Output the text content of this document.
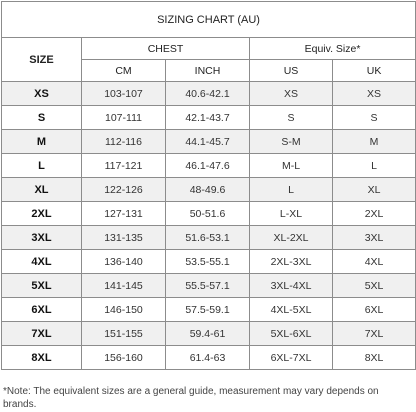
SIZING CHART (AU)				
SIZE	CHEST		Equiv. Size*	
	CM	INCH	US	UK
XS	103-107	40.6-42.1	XS	XS
S	107-111	42.1-43.7	S	S
M	112-116	44.1-45.7	S-M	M
L	117-121	46.1-47.6	M-L	L
XL	122-126	48-49.6	L	XL
2XL	127-131	50-51.6	L-XL	2XL
3XL	131-135	51.6-53.1	XL-2XL	3XL
4XL	136-140	53.5-55.1	2XL-3XL	4XL
5XL	141-145	55.5-57.1	3XL-4XL	5XL
6XL	146-150	57.5-59.1	4XL-5XL	6XL
7XL	151-155	59.4-61	5XL-6XL	7XL
8XL	156-160	61.4-63	6XL-7XL	8XL
*Note: The equivalent sizes are a general guide, measurement may vary depends on brands.
